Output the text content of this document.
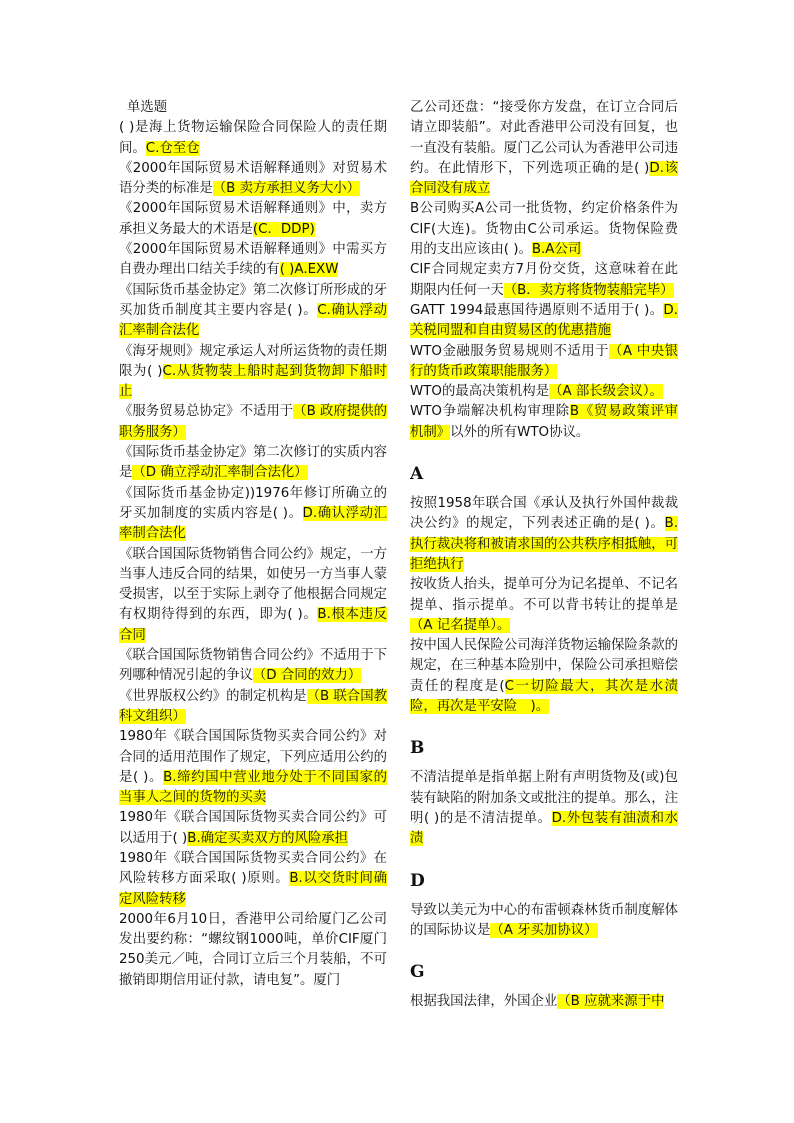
单选题

( )是海上货物运输保险合同保险人的责任期间。C.仓至仓

《2000年国际贸易术语解释通则》对贸易术语分类的标准是（B 卖方承担义务大小）

《2000年国际贸易术语解释通则》中，卖方承担义务最大的术语是(C．DDP)

《2000年国际贸易术语解释通则》中需买方自费办理出口结关手续的有( )A.EXW

《国际货币基金协定》第二次修订所形成的牙买加货币制度其主要内容是( )。C.确认浮动汇率制合法化

《海牙规则》规定承运人对所运货物的责任期限为( )C.从货物装上船时起到货物卸下船时止

《服务贸易总协定》不适用于（B 政府提供的职务服务）

《国际货币基金协定》第二次修订的实质内容是（D 确立浮动汇率制合法化）

《国际货币基金协定))1976年修订所确立的牙买加制度的实质内容是( )。D.确认浮动汇率制合法化

《联合国国际货物销售合同公约》规定，一方当事人违反合同的结果，如使另一方当事人蒙受损害，以至于实际上剥夺了他根据合同规定有权期待得到的东西，即为( )。B.根本违反合同

《联合国国际货物销售合同公约》不适用于下列哪种情况引起的争议（D 合同的效力）

《世界版权公约》的制定机构是（B 联合国教科文组织）

1980年《联合国国际货物买卖合同公约》对合同的适用范围作了规定，下列应适用公约的是( )。B.缔约国中营业地分处于不同国家的当事人之间的货物的买卖

1980年《联合国国际货物买卖合同公约》可以适用于( )B.确定买卖双方的风险承担

1980年《联合国国际货物买卖合同公约》在风险转移方面采取( )原则。B.以交货时间确定风险转移

2000年6月10日，香港甲公司给厦门乙公司发出要约称：“螺纹钢1000吨，单价CIF厦门250美元／吨，合同订立后三个月装船，不可撤销即期信用证付款，请电复”。厦门

乙公司还盘：“接受你方发盘，在订立合同后请立即装船”。对此香港甲公司没有回复，也一直没有装船。厦门乙公司认为香港甲公司违约。在此情形下，下列选项正确的是( )D.该合同没有成立

B公司购买A公司一批货物，约定价格条件为CIF(大连)。货物由C公司承运。货物保险费用的支出应该由( )。B.A公司

CIF合同规定卖方7月份交货，这意味着在此期限内任何一天（B．卖方将货物装船完毕）

GATT 1994最惠国待遇原则不适用于( )。D.关税同盟和自由贸易区的优惠措施

WTO金融服务贸易规则不适用于（A 中央银行的货币政策职能服务）

WTO的最高决策机构是（A 部长级会议）。

WTO争端解决机构审理除B《贸易政策评审机制》以外的所有WTO协议。

A

按照1958年联合国《承认及执行外国仲裁裁决公约》的规定，下列表述正确的是( )。B.执行裁决将和被请求国的公共秩序相抵触，可拒绝执行

按收货人抬头，提单可分为记名提单、不记名提单、指示提单。不可以背书转让的提单是（A 记名提单）。

按中国人民保险公司海洋货物运输保险条款的规定，在三种基本险别中，保险公司承担赔偿责任的程度是(C一切险最大，其次是水渍险，再次是平安险　)。

B

不清洁提单是指单据上附有声明货物及(或)包装有缺陷的附加条文或批注的提单。那么，注明( )的是不清洁提单。D.外包装有油渍和水渍

D

导致以美元为中心的布雷顿森林货币制度解体的国际协议是（A 牙买加协议）

G

根据我国法律，外国企业（B 应就来源于中
